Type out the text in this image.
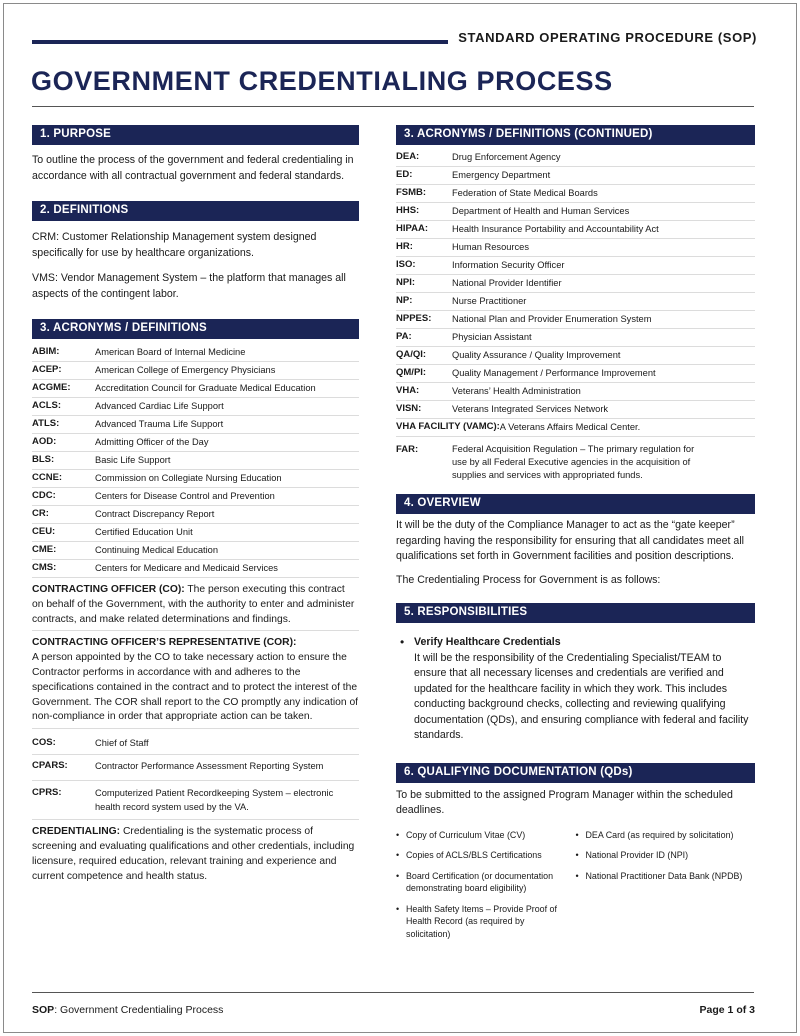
STANDARD OPERATING PROCEDURE (SOP)
GOVERNMENT CREDENTIALING PROCESS
1. PURPOSE
To outline the process of the government and federal credentialing in accordance with all contractual government and federal standards.
2. DEFINITIONS
CRM: Customer Relationship Management system designed specifically for use by healthcare organizations.
VMS: Vendor Management System – the platform that manages all aspects of the contingent labor.
3. ACRONYMS / DEFINITIONS
ABIM:	American Board of Internal Medicine
ACEP:	American College of Emergency Physicians
ACGME:	Accreditation Council for Graduate Medical Education
ACLS:	Advanced Cardiac Life Support
ATLS:	Advanced Trauma Life Support
AOD:	Admitting Officer of the Day
BLS:	Basic Life Support
CCNE:	Commission on Collegiate Nursing Education
CDC:	Centers for Disease Control and Prevention
CR:	Contract Discrepancy Report
CEU:	Certified Education Unit
CME:	Continuing Medical Education
CMS:	Centers for Medicare and Medicaid Services
CONTRACTING OFFICER (CO): The person executing this contract on behalf of the Government, with the authority to enter and administer contracts, and make related determinations and findings.
CONTRACTING OFFICER’S REPRESENTATIVE (COR):
A person appointed by the CO to take necessary action to ensure the Contractor performs in accordance with and adheres to the specifications contained in the contract and to protect the interest of the Government. The COR shall report to the CO promptly any indication of non-compliance in order that appropriate action can be taken.
COS:	Chief of Staff
CPARS:	Contractor Performance Assessment Reporting System
CPRS:	Computerized Patient Recordkeeping System – electronic health record system used by the VA.
CREDENTIALING: Credentialing is the systematic process of screening and evaluating qualifications and other credentials, including licensure, required education, relevant training and experience and current competence and health status.
3. ACRONYMS / DEFINITIONS (CONTINUED)
DEA:	Drug Enforcement Agency
ED:	Emergency Department
FSMB:	Federation of State Medical Boards
HHS:	Department of Health and Human Services
HIPAA:	Health Insurance Portability and Accountability Act
HR:	Human Resources
ISO:	Information Security Officer
NPI:	National Provider Identifier
NP:	Nurse Practitioner
NPPES:	National Plan and Provider Enumeration System
PA:	Physician Assistant
QA/QI:	Quality Assurance / Quality Improvement
QM/PI:	Quality Management / Performance Improvement
VHA:	Veterans’ Health Administration
VISN:	Veterans Integrated Services Network
VHA FACILITY (VAMC): A Veterans Affairs Medical Center.
FAR:	Federal Acquisition Regulation – The primary regulation for use by all Federal Executive agencies in the acquisition of supplies and services with appropriated funds.
4. OVERVIEW
It will be the duty of the Compliance Manager to act as the “gate keeper” regarding having the responsibility for ensuring that all candidates meet all qualifications set forth in Government facilities and position descriptions.
The Credentialing Process for Government is as follows:
5. RESPONSIBILITIES
• Verify Healthcare Credentials
It will be the responsibility of the Credentialing Specialist/TEAM to ensure that all necessary licenses and credentials are verified and updated for the healthcare facility in which they work. This includes conducting background checks, collecting and reviewing qualifying documentation (QDs), and ensuring compliance with federal and facility standards.
6. QUALIFYING DOCUMENTATION (QDs)
To be submitted to the assigned Program Manager within the scheduled deadlines.
• Copy of Curriculum Vitae (CV)
• Copies of ACLS/BLS Certifications
• Board Certification (or documentation demonstrating board eligibility)
• Health Safety Items – Provide Proof of Health Record (as required by solicitation)
• DEA Card (as required by solicitation)
• National Provider ID (NPI)
• National Practitioner Data Bank (NPDB)
SOP: Government Credentialing Process	Page 1 of 3
